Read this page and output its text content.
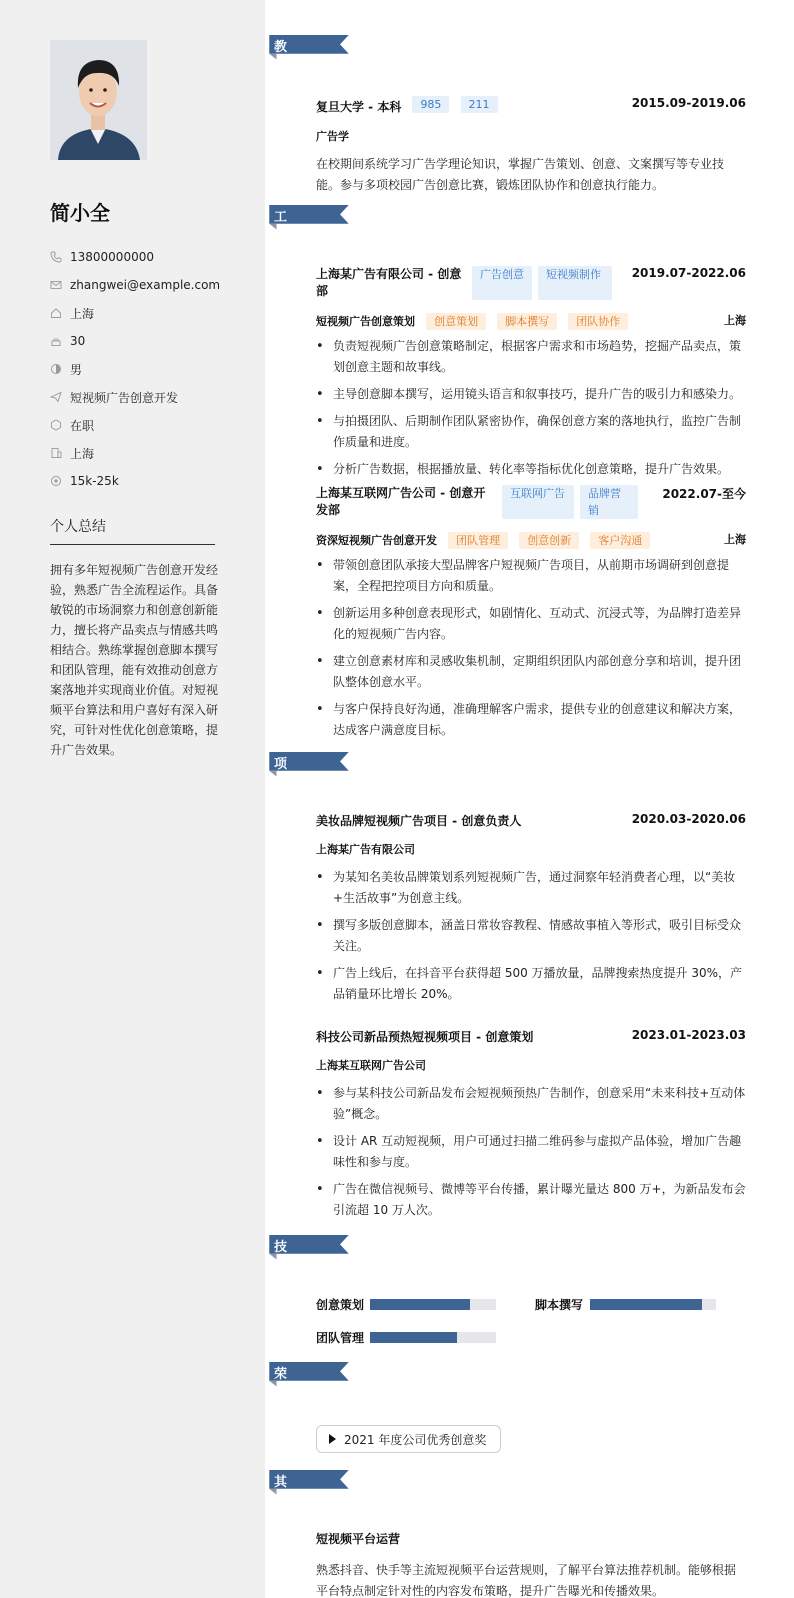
简小全
13800000000
zhangwei@example.com
上海
30
男
短视频广告创意开发
在职
上海
15k-25k
个人总结
拥有多年短视频广告创意开发经验，熟悉广告全流程运作。具备敏锐的市场洞察力和创意创新能力，擅长将产品卖点与情感共鸣相结合。熟练掌握创意脚本撰写和团队管理，能有效推动创意方案落地并实现商业价值。对短视频平台算法和用户喜好有深入研究，可针对性优化创意策略，提升广告效果。
教育经历
工作经历
项目经历
技能专长
荣誉奖项
其他信息
复旦大学 - 本科 985 211	2015.09-2019.06
广告学
在校期间系统学习广告学理论知识，掌握广告策划、创意、文案撰写等专业技能。参与多项校园广告创意比赛，锻炼团队协作和创意执行能力。
上海某广告有限公司 - 创意部
广告创意	短视频制作	2019.07-2022.06
短视频广告创意策划 创意策划 脚本撰写 团队协作	上海
• 负责短视频广告创意策略制定，根据客户需求和市场趋势，挖掘产品卖点，策划创意主题和故事线。
• 主导创意脚本撰写，运用镜头语言和叙事技巧，提升广告的吸引力和感染力。
• 与拍摄团队、后期制作团队紧密协作，确保创意方案的落地执行，监控广告制作质量和进度。
• 分析广告数据，根据播放量、转化率等指标优化创意策略，提升广告效果。
上海某互联网广告公司 - 创意开发部
互联网广告	品牌营销
2022.07-至今
资深短视频广告创意开发 团队管理 创意创新 客户沟通	上海
• 带领创意团队承接大型品牌客户短视频广告项目，从前期市场调研到创意提案，全程把控项目方向和质量。
• 创新运用多种创意表现形式，如剧情化、互动式、沉浸式等，为品牌打造差异化的短视频广告内容。
• 建立创意素材库和灵感收集机制，定期组织团队内部创意分享和培训，提升团队整体创意水平。
• 与客户保持良好沟通，准确理解客户需求，提供专业的创意建议和解决方案，达成客户满意度目标。
美妆品牌短视频广告项目 - 创意负责人	2020.03-2020.06
上海某广告有限公司
• 为某知名美妆品牌策划系列短视频广告，通过洞察年轻消费者心理，以“美妆+生活故事”为创意主线。
• 撰写多版创意脚本，涵盖日常妆容教程、情感故事植入等形式，吸引目标受众关注。
• 广告上线后，在抖音平台获得超 500 万播放量，品牌搜索热度提升 30%，产品销量环比增长 20%。
科技公司新品预热短视频项目 - 创意策划	2023.01-2023.03
上海某互联网广告公司
• 参与某科技公司新品发布会短视频预热广告制作，创意采用“未来科技+互动体验”概念。
• 设计 AR 互动短视频，用户可通过扫描二维码参与虚拟产品体验，增加广告趣味性和参与度。
• 广告在微信视频号、微博等平台传播，累计曝光量达 800 万+，为新品发布会引流超 10 万人次。
创意策划	脚本撰写
团队管理
2021 年度公司优秀创意奖
短视频平台运营
熟悉抖音、快手等主流短视频平台运营规则，了解平台算法推荐机制。能够根据平台特点制定针对性的内容发布策略，提升广告曝光和传播效果。
